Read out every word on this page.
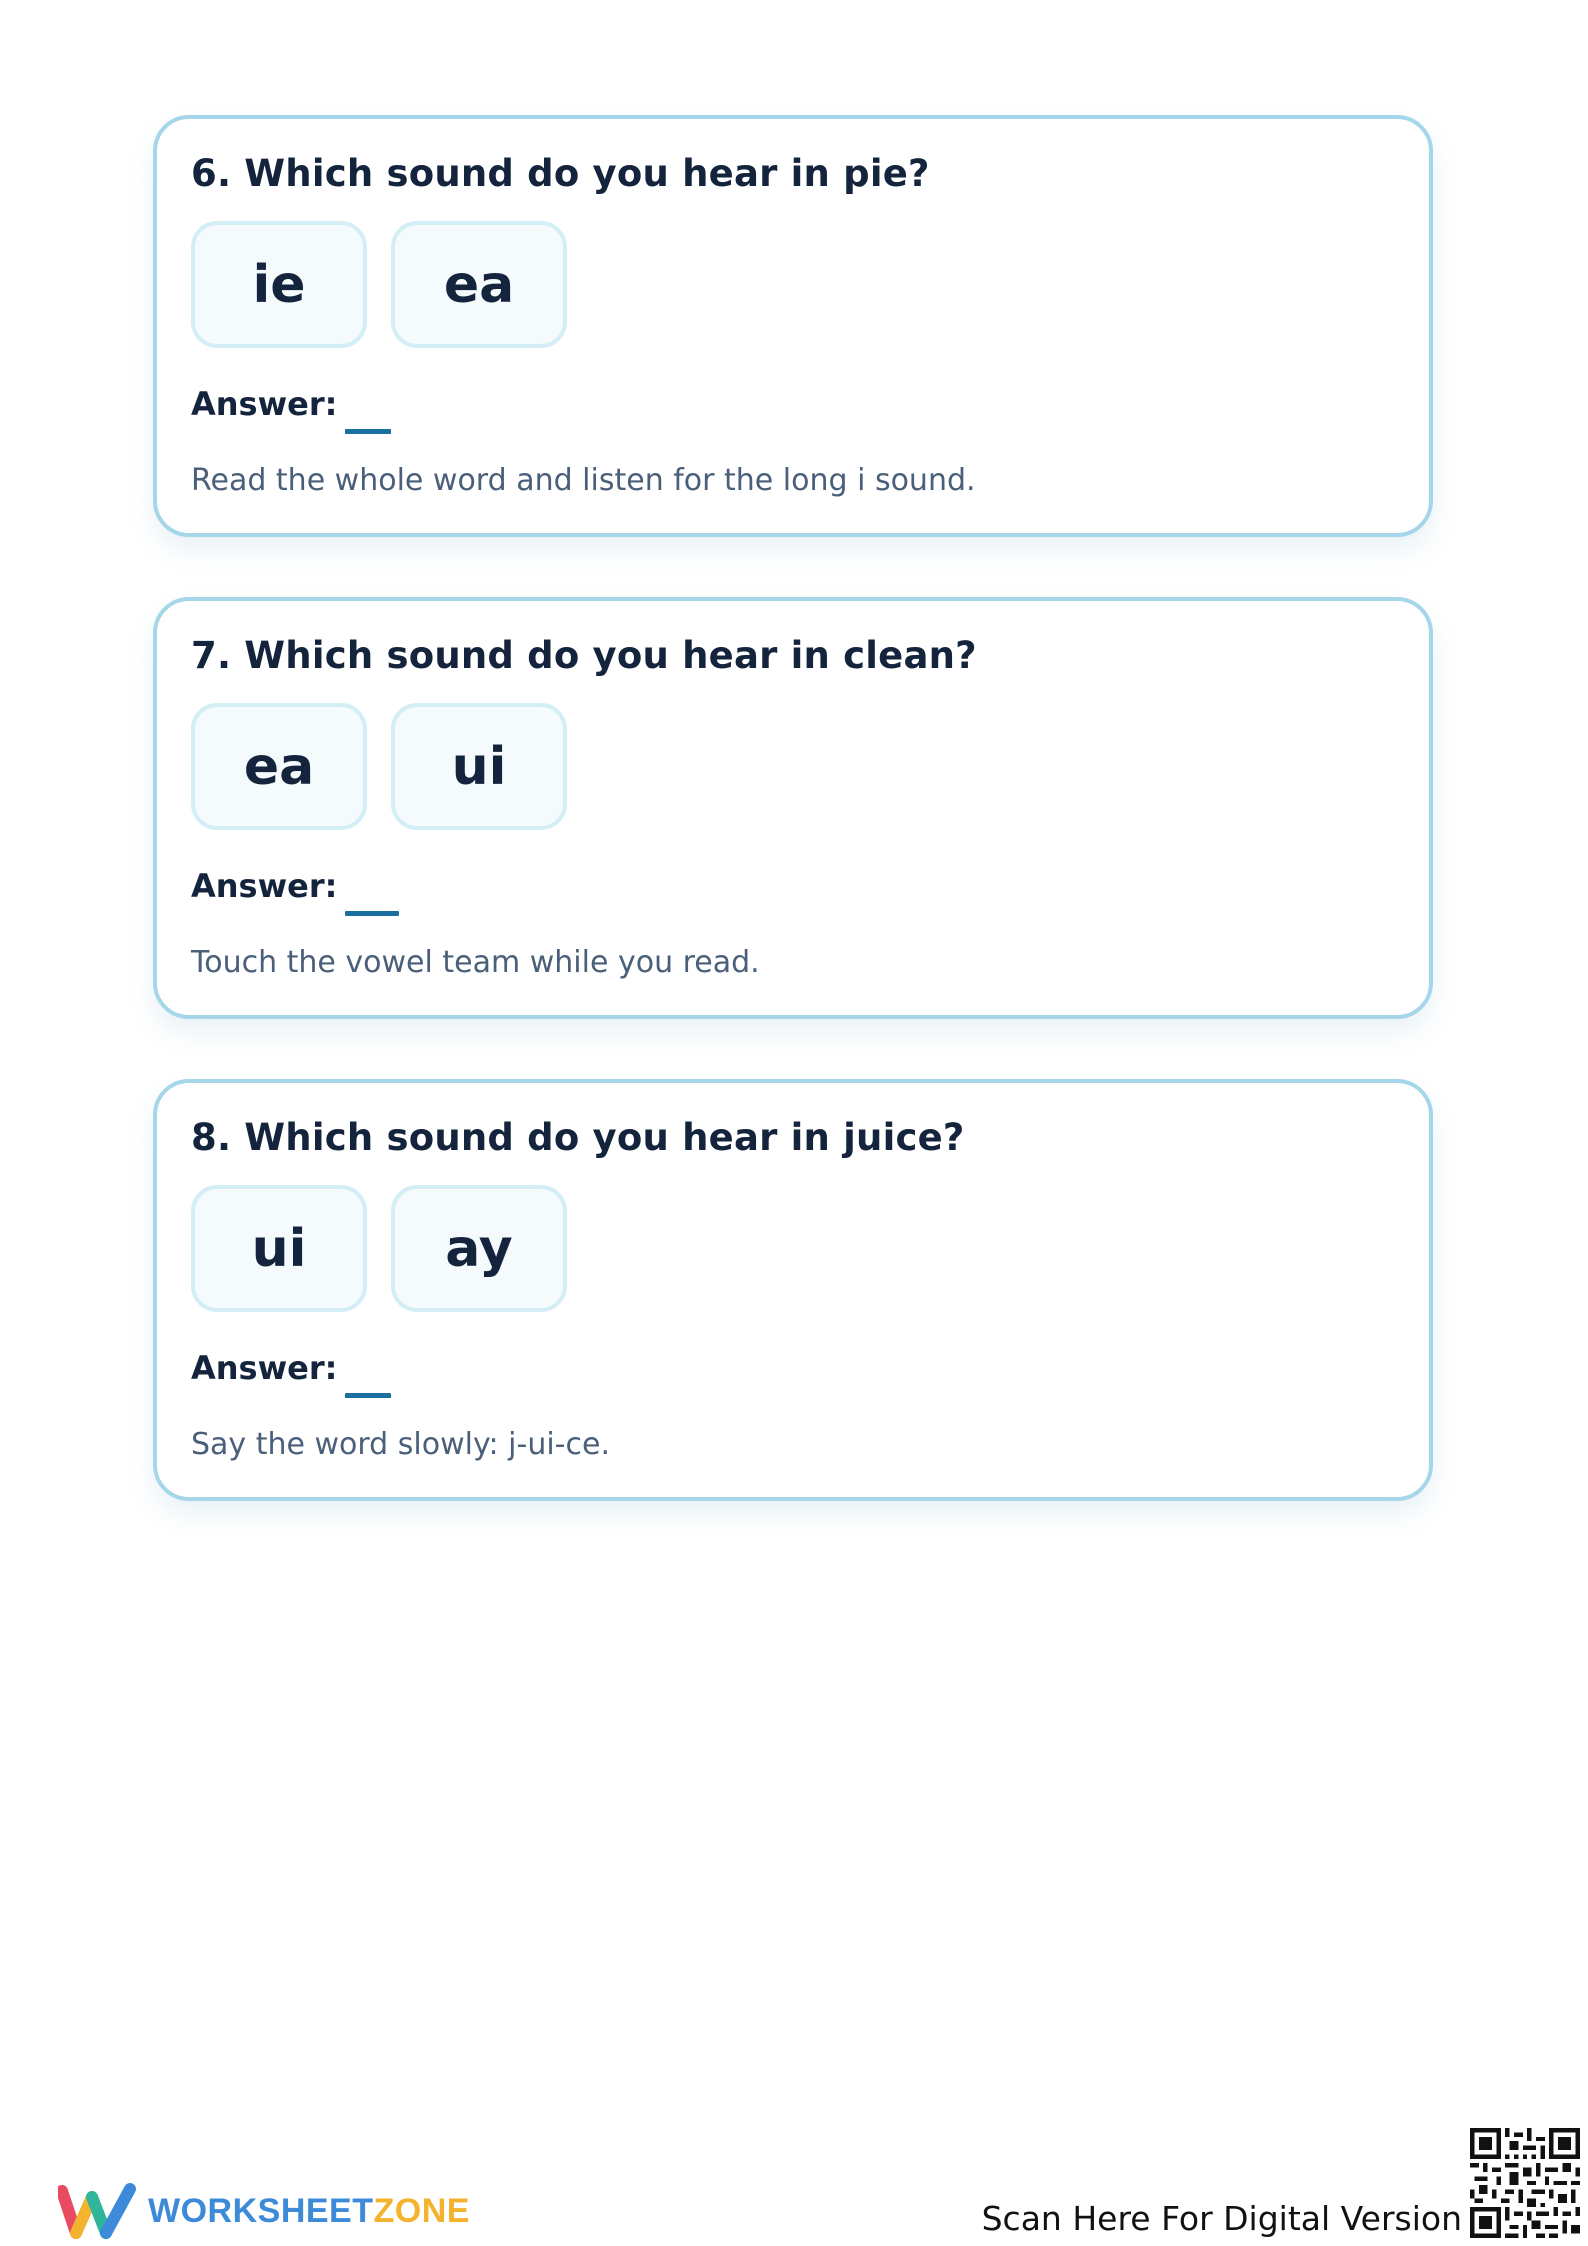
6. Which sound do you hear in pie?
ie	ea
Answer:
Read the whole word and listen for the long i sound.
7. Which sound do you hear in clean?
ea	ui
Answer:
Touch the vowel team while you read.
8. Which sound do you hear in juice?
ui	ay
Answer:
Say the word slowly: j-ui-ce.
WORKSHEETZONE	Scan Here For Digital Version
